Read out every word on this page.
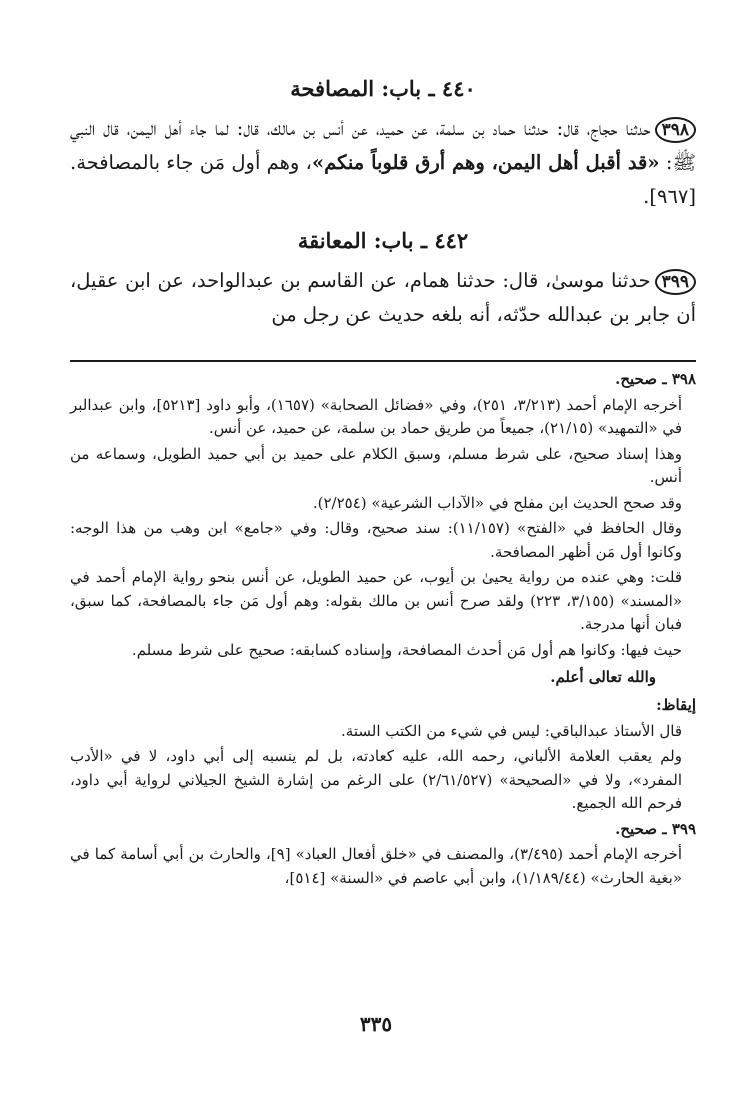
٤٤٠ ـ باب: المصافحة

٣٩٨حدثنا حجاج، قال: حدثنا حماد بن سلمة، عن حميد، عن أنس بن مالك، قال: لما جاء أهل اليمن، قال النبي ﷺ: «قد أقبل أهل اليمن، وهم أرق قلوباً منكم»، وهم أول مَن جاء بالمصافحة. [٩٦٧].

٤٤٢ ـ باب: المعانقة

٣٩٩حدثنا موسىٰ، قال: حدثنا همام، عن القاسم بن عبدالواحد، عن ابن عقيل، أن جابر بن عبدالله حدّثه، أنه بلغه حديث عن رجل من

٣٩٨ ـ صحيح.

أخرجه الإمام أحمد (٣/٢١٣، ٢٥١)، وفي «فضائل الصحابة» (١٦٥٧)، وأبو داود [٥٢١٣]، وابن عبدالبر في «التمهيد» (٢١/١٥)، جميعاً من طريق حماد بن سلمة، عن حميد، عن أنس.

وهذا إسناد صحيح، على شرط مسلم، وسبق الكلام على حميد بن أبي حميد الطويل، وسماعه من أنس.

وقد صحح الحديث ابن مفلح في «الآداب الشرعية» (٢/٢٥٤).

وقال الحافظ في «الفتح» (١١/١٥٧): سند صحيح، وقال: وفي «جامع» ابن وهب من هذا الوجه: وكانوا أول مَن أظهر المصافحة.

قلت: وهي عنده من رواية يحيىٰ بن أيوب، عن حميد الطويل، عن أنس بنحو رواية الإمام أحمد في «المسند» (٣/١٥٥، ٢٢٣) ولقد صرح أنس بن مالك بقوله: وهم أول مَن جاء بالمصافحة، كما سبق، فبان أنها مدرجة.

حيث فيها: وكانوا هم أول مَن أحدث المصافحة، وإسناده كسابقه: صحيح على شرط مسلم.

والله تعالى أعلم.

إيقاظ:

قال الأستاذ عبدالباقي: ليس في شيء من الكتب الستة.

ولم يعقب العلامة الألباني، رحمه الله، عليه كعادته، بل لم ينسبه إلى أبي داود، لا في «الأدب المفرد»، ولا في «الصحيحة» (٢/٦١/٥٢٧) على الرغم من إشارة الشيخ الجيلاني لرواية أبي داود، فرحم الله الجميع.

٣٩٩ ـ صحيح.

أخرجه الإمام أحمد (٣/٤٩٥)، والمصنف في «خلق أفعال العباد» [٩]، والحارث بن أبي أسامة كما في «بغية الحارث» (١/١٨٩/٤٤)، وابن أبي عاصم في «السنة» [٥١٤]،

٣٣٥
